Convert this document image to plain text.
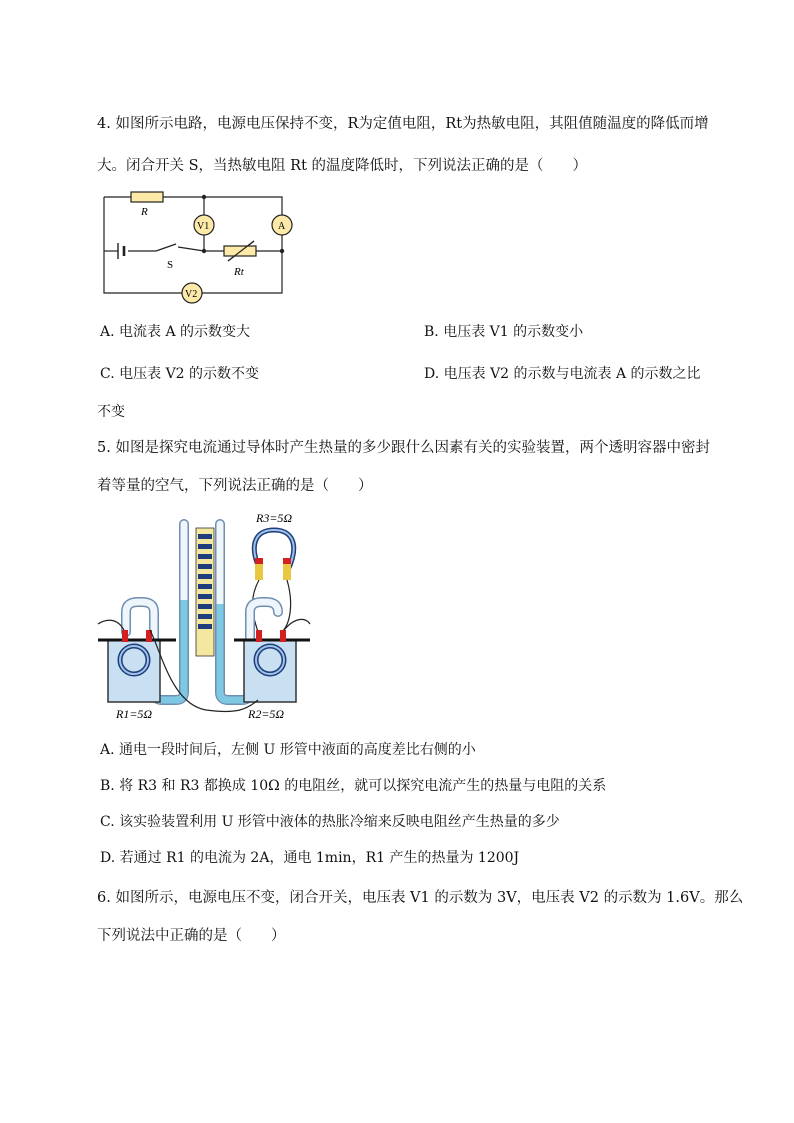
4. 如图所示电路，电源电压保持不变，R为定值电阻，Rt为热敏电阻，其阻值随温度的降低而增
大。闭合开关 S，当热敏电阻 Rt 的温度降低时，下列说法正确的是（　　）
R
V1	A
S
Rt
V2
A. 电流表 A 的示数变大	B. 电压表 V1 的示数变小
C. 电压表 V2 的示数不变	D. 电压表 V2 的示数与电流表 A 的示数之比
不变
5. 如图是探究电流通过导体时产生热量的多少跟什么因素有关的实验装置，两个透明容器中密封
着等量的空气，下列说法正确的是（　　）
R3=5Ω
R1=5Ω	R2=5Ω
A. 通电一段时间后，左侧 U 形管中液面的高度差比右侧的小
B. 将 R3 和 R3 都换成 10Ω 的电阻丝，就可以探究电流产生的热量与电阻的关系
C. 该实验装置利用 U 形管中液体的热胀冷缩来反映电阻丝产生热量的多少
D. 若通过 R1 的电流为 2A，通电 1min，R1 产生的热量为 1200J
6. 如图所示，电源电压不变，闭合开关，电压表 V1 的示数为 3V，电压表 V2 的示数为 1.6V。那么
下列说法中正确的是（　　）
